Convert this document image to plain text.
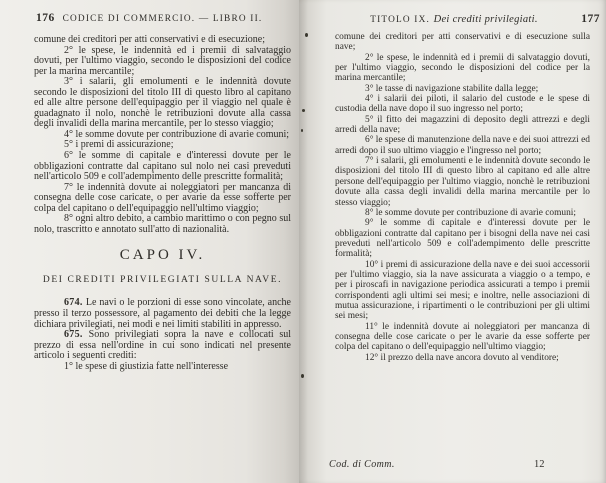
176 CODICE DI COMMERCIO. — LIBRO II.

comune dei creditori per atti conservativi e di esecuzione;

2° le spese, le indennità ed i premii di salvataggio dovuti, per l'ultimo viaggio, secondo le disposizioni del codice per la marina mercantile;

3° i salarii, gli emolumenti e le indennità dovute secondo le disposizioni del titolo III di questo libro al capitano ed alle altre persone dell'equipaggio per il viaggio nel quale è guadagnato il nolo, nonchè le retribuzioni dovute alla cassa degli invalidi della marina mercantile, per lo stesso viaggio;

4° le somme dovute per contribuzione di avarìe comuni;

5° i premi di assicurazione;

6° le somme di capitale e d'interessi dovute per le obbligazioni contratte dal capitano sul nolo nei casi preveduti nell'articolo 509 e coll'adempimento delle prescritte formalità;

7° le indennità dovute ai noleggiatori per mancanza di consegna delle cose caricate, o per avarie da esse sofferte per colpa del capitano o dell'equipaggio nell'ultimo viaggio;

8° ogni altro debito, a cambio marittimo o con pegno sul nolo, trascritto e annotato sull'atto di nazionalità.

CAPO IV.
DEI CREDITI PRIVILEGIATI SULLA NAVE.

674. Le navi o le porzioni di esse sono vincolate, anche presso il terzo possessore, al pagamento dei debiti che la legge dichiara privilegiati, nei modi e nei limiti stabiliti in appresso.

675. Sono privilegiati sopra la nave e collocati sul prezzo di essa nell'ordine in cui sono indicati nel presente articolo i seguenti crediti:

1° le spese di giustizia fatte nell'interesse

TITOLO IX. Dei crediti privilegiati.	177

comune dei creditori per atti conservativi e di esecuzione sulla nave;

2° le spese, le indennità ed i premii di salvataggio dovuti, per l'ultimo viaggio, secondo le disposizioni del codice per la marina mercantile;

3° le tasse di navigazione stabilite dalla legge;

4° i salarii dei piloti, il salario del custode e le spese di custodia della nave dopo il suo ingresso nel porto;

5° il fitto dei magazzini di deposito degli attrezzi e degli arredi della nave;

6° le spese di manutenzione della nave e dei suoi attrezzi ed arredi dopo il suo ultimo viaggio e l'ingresso nel porto;

7° i salarii, gli emolumenti e le indennità dovute secondo le disposizioni del titolo III di questo libro al capitano ed alle altre persone dell'equipaggio per l'ultimo viaggio, nonchè le retribuzioni dovute alla cassa degli invalidi della marina mercantile per lo stesso viaggio;

8° le somme dovute per contribuzione di avarìe comuni;

9° le somme di capitale e d'interessi dovute per le obbligazioni contratte dal capitano per i bisogni della nave nei casi preveduti nell'articolo 509 e coll'adempimento delle prescritte formalità;

10° i premi di assicurazione della nave e dei suoi accessorii per l'ultimo viaggio, sia la nave assicurata a viaggio o a tempo, e per i piroscafi in navigazione periodica assicurati a tempo i premii corrispondenti agli ultimi sei mesi; e inoltre, nelle associazioni di mutua assicurazione, i ripartimenti o le contribuzioni per gli ultimi sei mesi;

11° le indennità dovute ai noleggiatori per mancanza di consegna delle cose caricate o per le avarie da esse sofferte per colpa del capitano o dell'equipaggio nell'ultimo viaggio;

12° il prezzo della nave ancora dovuto al venditore;

Cod. di Comm.	12
